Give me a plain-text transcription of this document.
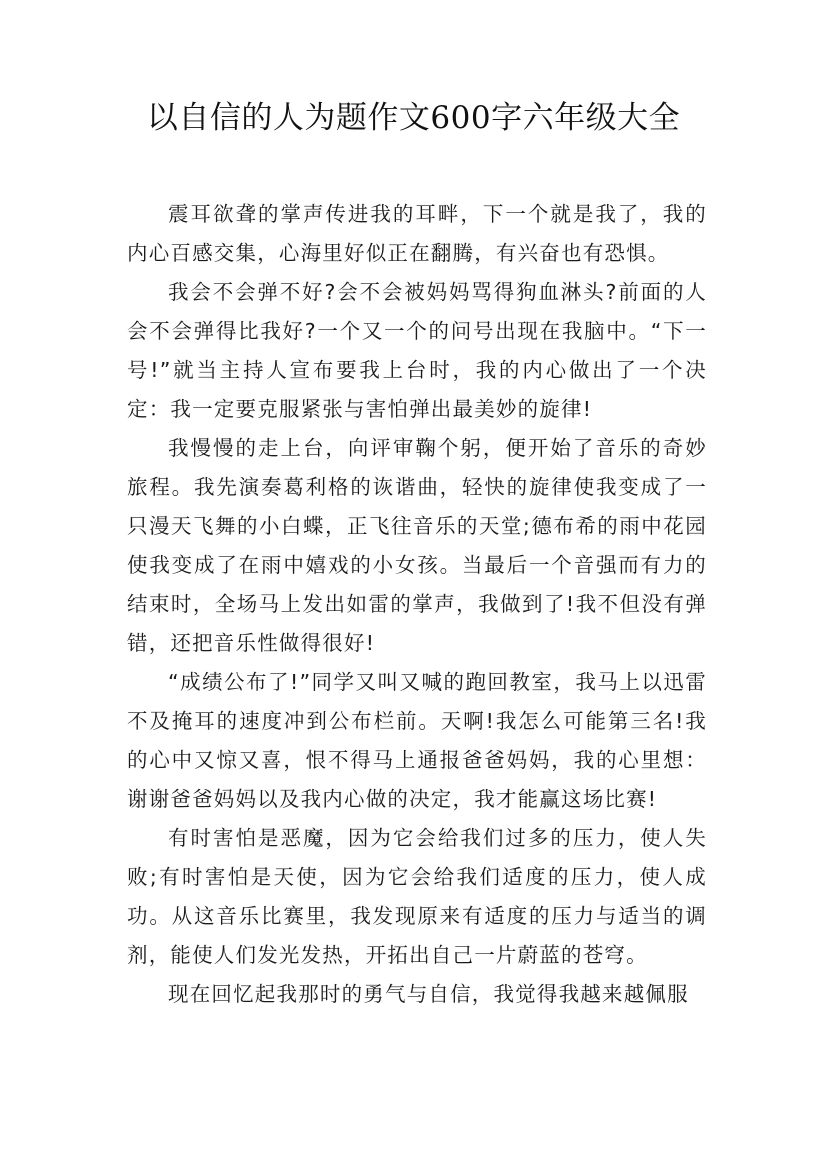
以自信的人为题作文600字六年级大全

震耳欲聋的掌声传进我的耳畔，下一个就是我了，我的内心百感交集，心海里好似正在翻腾，有兴奋也有恐惧。

我会不会弹不好?会不会被妈妈骂得狗血淋头?前面的人会不会弹得比我好?一个又一个的问号出现在我脑中。“下一号!”就当主持人宣布要我上台时，我的内心做出了一个决定：我一定要克服紧张与害怕弹出最美妙的旋律!

我慢慢的走上台，向评审鞠个躬，便开始了音乐的奇妙旅程。我先演奏葛利格的诙谐曲，轻快的旋律使我变成了一只漫天飞舞的小白蝶，正飞往音乐的天堂;德布希的雨中花园使我变成了在雨中嬉戏的小女孩。当最后一个音强而有力的结束时，全场马上发出如雷的掌声，我做到了!我不但没有弹错，还把音乐性做得很好!

“成绩公布了!”同学又叫又喊的跑回教室，我马上以迅雷不及掩耳的速度冲到公布栏前。天啊!我怎么可能第三名!我的心中又惊又喜，恨不得马上通报爸爸妈妈，我的心里想：谢谢爸爸妈妈以及我内心做的决定，我才能赢这场比赛!

有时害怕是恶魔，因为它会给我们过多的压力，使人失败;有时害怕是天使，因为它会给我们适度的压力，使人成功。从这音乐比赛里，我发现原来有适度的压力与适当的调剂，能使人们发光发热，开拓出自己一片蔚蓝的苍穹。

现在回忆起我那时的勇气与自信，我觉得我越来越佩服
